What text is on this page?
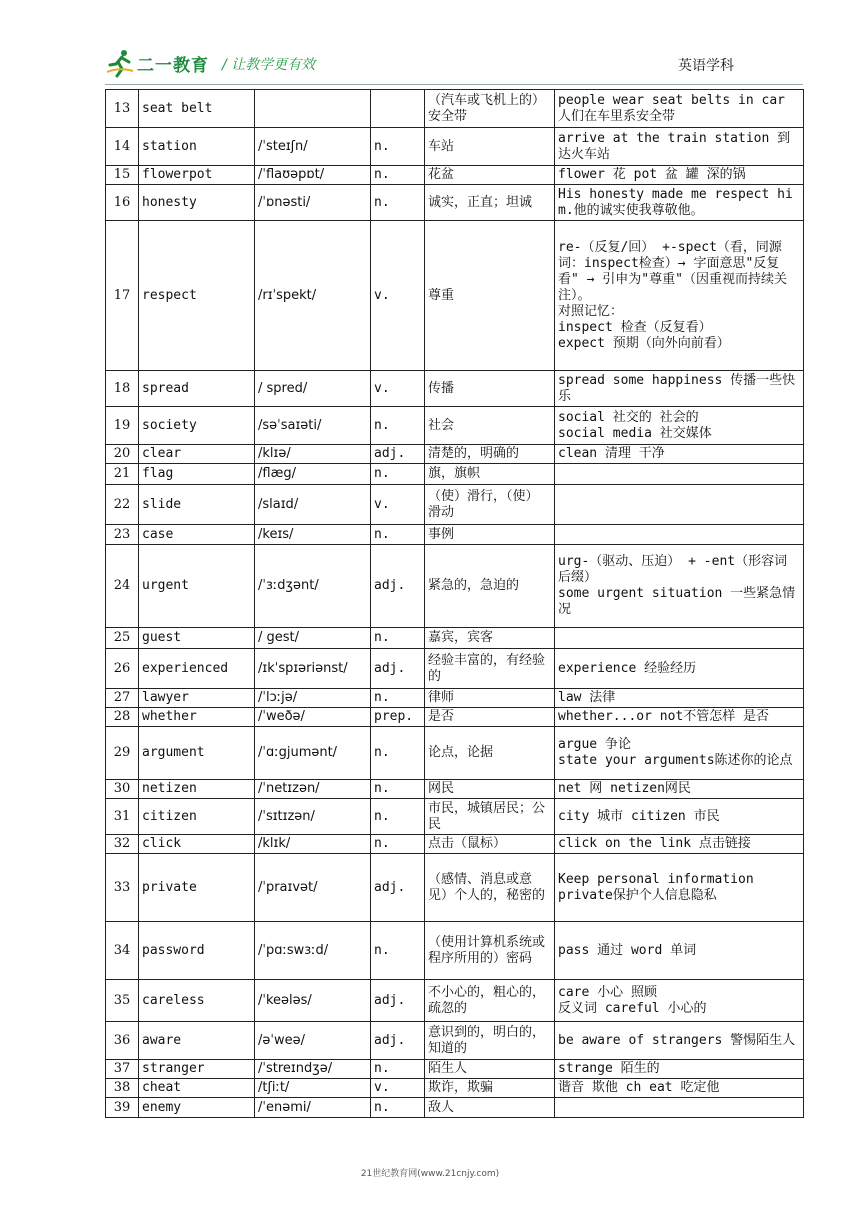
二一教育 / 让教学更有效	英语学科
13	seat belt			（汽车或飞机上的）安全带	people wear seat belts in car 人们在车里系安全带

14	station	/ˈsteɪʃn/	n.	车站	arrive at the train station 到达火车站

15	flowerpot	/ˈflaʊəpɒt/	n.	花盆	flower 花 pot 盆 罐 深的锅

16	honesty	/ˈɒnəsti/	n.	诚实，正直；坦诚	His honesty made me respect him.他的诚实使我尊敬他。

17	respect	/rɪˈspekt/	v.	尊重	re-（反复/回） +-spect（看，同源词：inspect检查）→ 字面意思"反复看" → 引申为"尊重"（因重视而持续关注）。
对照记忆：
inspect 检查（反复看）
expect 预期（向外向前看）

18	spread	/ spred/	v.	传播	spread some happiness 传播一些快乐

19	society	/səˈsaɪəti/	n.	社会	social 社交的 社会的
social media 社交媒体

20	clear	/klɪə/	adj.	清楚的，明确的	clean 清理 干净

21	flag	/flæg/	n.	旗，旗帜	
22	slide	/slaɪd/	v.	（使）滑行，（使）滑动	
23	case	/keɪs/	n.	事例	
24	urgent	/ˈɜːdʒənt/	adj.	紧急的，急迫的	urg-（驱动、压迫） + -ent（形容词后缀）
some urgent situation 一些紧急情况

25	guest	/ gest/	n.	嘉宾，宾客	
26	experienced	/ɪkˈspɪəriənst/	adj.	经验丰富的，有经验的	experience 经验经历

27	lawyer	/ˈlɔːjə/	n.	律师	law 法律

28	whether	/ˈweðə/	prep.	是否	whether...or not不管怎样 是否

29	argument	/ˈɑːgjumənt/	n.	论点，论据	argue 争论
state your arguments陈述你的论点

30	netizen	/ˈnetɪzən/	n.	网民	net 网 netizen网民

31	citizen	/ˈsɪtɪzən/	n.	市民，城镇居民；公民	city 城市 citizen 市民

32	click	/klɪk/	n.	点击（鼠标）	click on the link 点击链接

33	private	/ˈpraɪvət/	adj.	（感情、消息或意见）个人的，秘密的	Keep personal information
private保护个人信息隐私

34	password	/ˈpɑːswɜːd/	n.	（使用计算机系统或程序所用的）密码	pass 通过 word 单词

35	careless	/ˈkeələs/	adj.	不小心的，粗心的，疏忽的	care 小心 照顾
反义词 careful 小心的

36	aware	/əˈweə/	adj.	意识到的，明白的，知道的	be aware of strangers 警惕陌生人

37	stranger	/ˈstreɪndʒə/	n.	陌生人	strange 陌生的

38	cheat	/tʃiːt/	v.	欺诈，欺骗	谐音 欺他 ch eat 吃定他

39	enemy	/ˈenəmi/	n.	敌人	
21世纪教育网(www.21cnjy.com)
